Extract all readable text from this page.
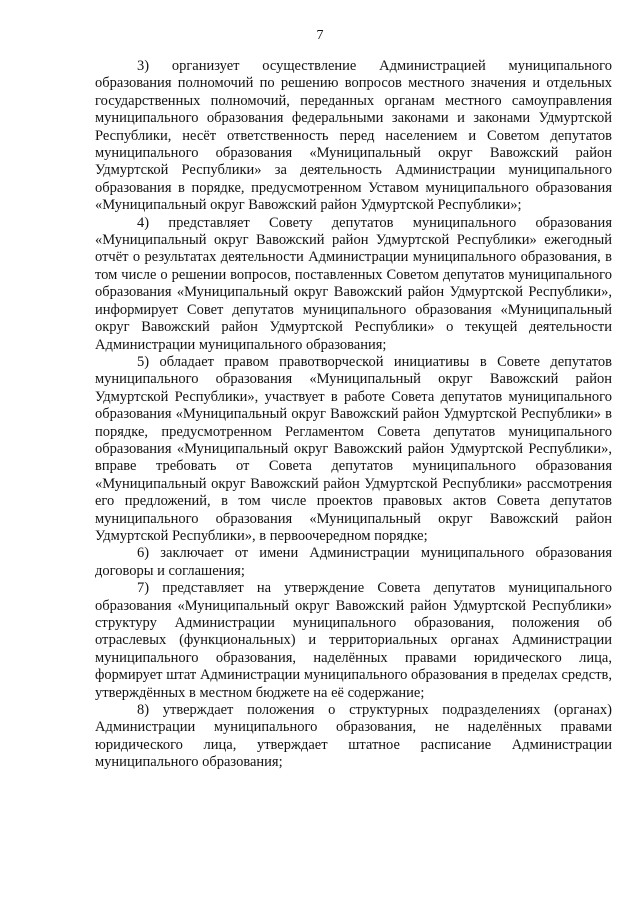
7

3) организует осуществление Администрацией муниципального образования полномочий по решению вопросов местного значения и отдельных государственных полномочий, переданных органам местного самоуправления муниципального образования федеральными законами и законами Удмуртской Республики, несёт ответственность перед населением и Советом депутатов муниципального образования «Муниципальный округ Вавожский район Удмуртской Республики» за деятельность Администрации муниципального образования в порядке, предусмотренном Уставом муниципального образования «Муниципальный округ Вавожский район Удмуртской Республики»;

4) представляет Совету депутатов муниципального образования «Муниципальный округ Вавожский район Удмуртской Республики» ежегодный отчёт о результатах деятельности Администрации муниципального образования, в том числе о решении вопросов, поставленных Советом депутатов муниципального образования «Муниципальный округ Вавожский район Удмуртской Республики», информирует Совет депутатов муниципального образования «Муниципальный округ Вавожский район Удмуртской Республики» о текущей деятельности Администрации муниципального образования;

5) обладает правом правотворческой инициативы в Совете депутатов муниципального образования «Муниципальный округ Вавожский район Удмуртской Республики», участвует в работе Совета депутатов муниципального образования «Муниципальный округ Вавожский район Удмуртской Республики» в порядке, предусмотренном Регламентом Совета депутатов муниципального образования «Муниципальный округ Вавожский район Удмуртской Республики», вправе требовать от Совета депутатов муниципального образования «Муниципальный округ Вавожский район Удмуртской Республики» рассмотрения его предложений, в том числе проектов правовых актов Совета депутатов муниципального образования «Муниципальный округ Вавожский район Удмуртской Республики», в первоочередном порядке;

6) заключает от имени Администрации муниципального образования договоры и соглашения;

7) представляет на утверждение Совета депутатов муниципального образования «Муниципальный округ Вавожский район Удмуртской Республики» структуру Администрации муниципального образования, положения об отраслевых (функциональных) и территориальных органах Администрации муниципального образования, наделённых правами юридического лица, формирует штат Администрации муниципального образования в пределах средств, утверждённых в местном бюджете на её содержание;

8) утверждает положения о структурных подразделениях (органах) Администрации муниципального образования, не наделённых правами юридического лица, утверждает штатное расписание Администрации муниципального образования;
